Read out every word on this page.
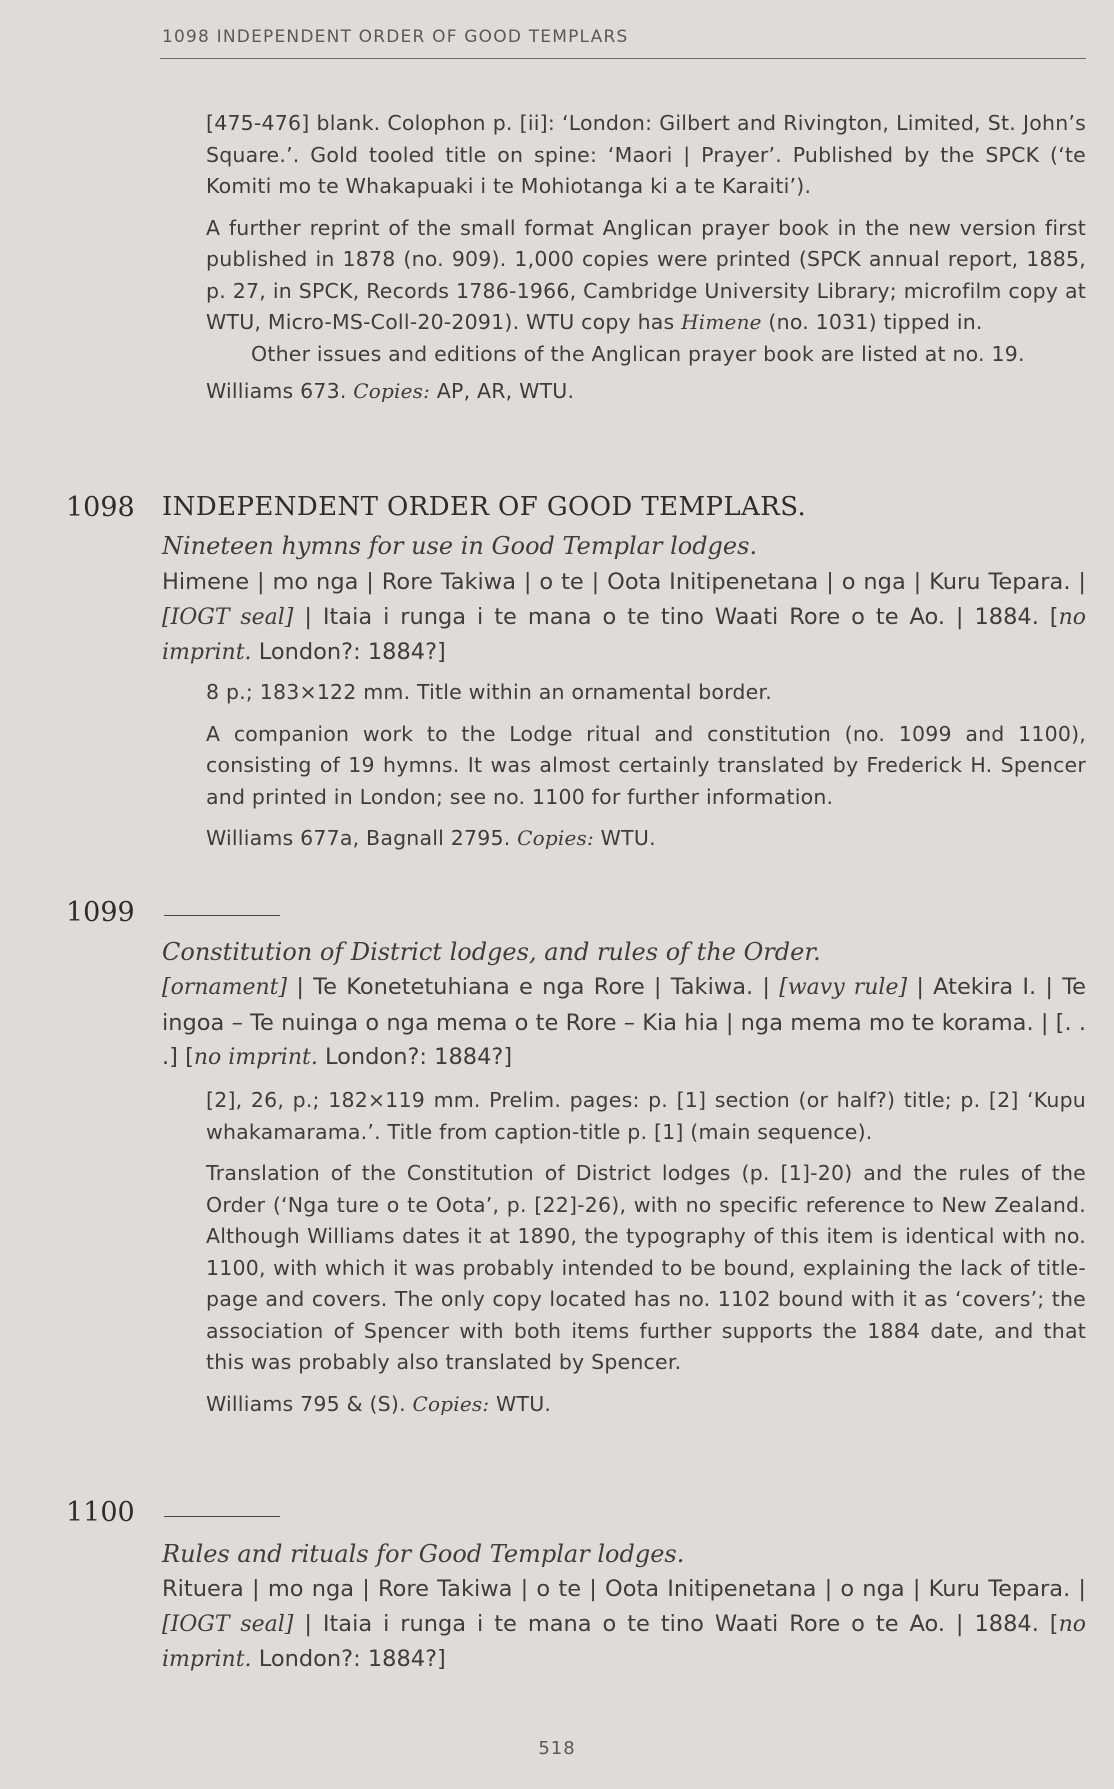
1098 INDEPENDENT ORDER OF GOOD TEMPLARS

[475-476] blank. Colophon p. [ii]: ‘London: Gilbert and Rivington, Limited, St. John’s Square.’. Gold tooled title on spine: ‘Maori | Prayer’. Published by the SPCK (‘te Komiti mo te Whakapuaki i te Mohiotanga ki a te Karaiti’).

A further reprint of the small format Anglican prayer book in the new version first published in 1878 (no. 909). 1,000 copies were printed (SPCK annual report, 1885, p. 27, in SPCK, Records 1786-1966, Cambridge University Library; microfilm copy at WTU, Micro-MS-Coll-20-2091). WTU copy has Himene (no. 1031) tipped in.

Other issues and editions of the Anglican prayer book are listed at no. 19.

Williams 673. Copies: AP, AR, WTU.

1098 INDEPENDENT ORDER OF GOOD TEMPLARS.
Nineteen hymns for use in Good Templar lodges.

Himene | mo nga | Rore Takiwa | o te | Oota Initipenetana | o nga | Kuru Tepara. | [IOGT seal] | Itaia i runga i te mana o te tino Waati Rore o te Ao. | 1884. [no imprint. London?: 1884?]

8 p.; 183×122 mm. Title within an ornamental border.

A companion work to the Lodge ritual and constitution (no. 1099 and 1100), consisting of 19 hymns. It was almost certainly translated by Frederick H. Spencer and printed in London; see no. 1100 for further information.

Williams 677a, Bagnall 2795. Copies: WTU.

1099
Constitution of District lodges, and rules of the Order.

[ornament] | Te Konetetuhiana e nga Rore | Takiwa. | [wavy rule] | Atekira I. | Te ingoa – Te nuinga o nga mema o te Rore – Kia hia | nga mema mo te korama. | [. . .] [no imprint. London?: 1884?]

[2], 26, p.; 182×119 mm. Prelim. pages: p. [1] section (or half?) title; p. [2] ‘Kupu whakamarama.’. Title from caption-title p. [1] (main sequence).

Translation of the Constitution of District lodges (p. [1]-20) and the rules of the Order (‘Nga ture o te Oota’, p. [22]-26), with no specific reference to New Zealand. Although Williams dates it at 1890, the typography of this item is identical with no. 1100, with which it was probably intended to be bound, explaining the lack of title-page and covers. The only copy located has no. 1102 bound with it as ‘covers’; the association of Spencer with both items further supports the 1884 date, and that this was probably also translated by Spencer.

Williams 795 & (S). Copies: WTU.

1100
Rules and rituals for Good Templar lodges.

Rituera | mo nga | Rore Takiwa | o te | Oota Initipenetana | o nga | Kuru Tepara. | [IOGT seal] | Itaia i runga i te mana o te tino Waati Rore o te Ao. | 1884. [no imprint. London?: 1884?]

518
